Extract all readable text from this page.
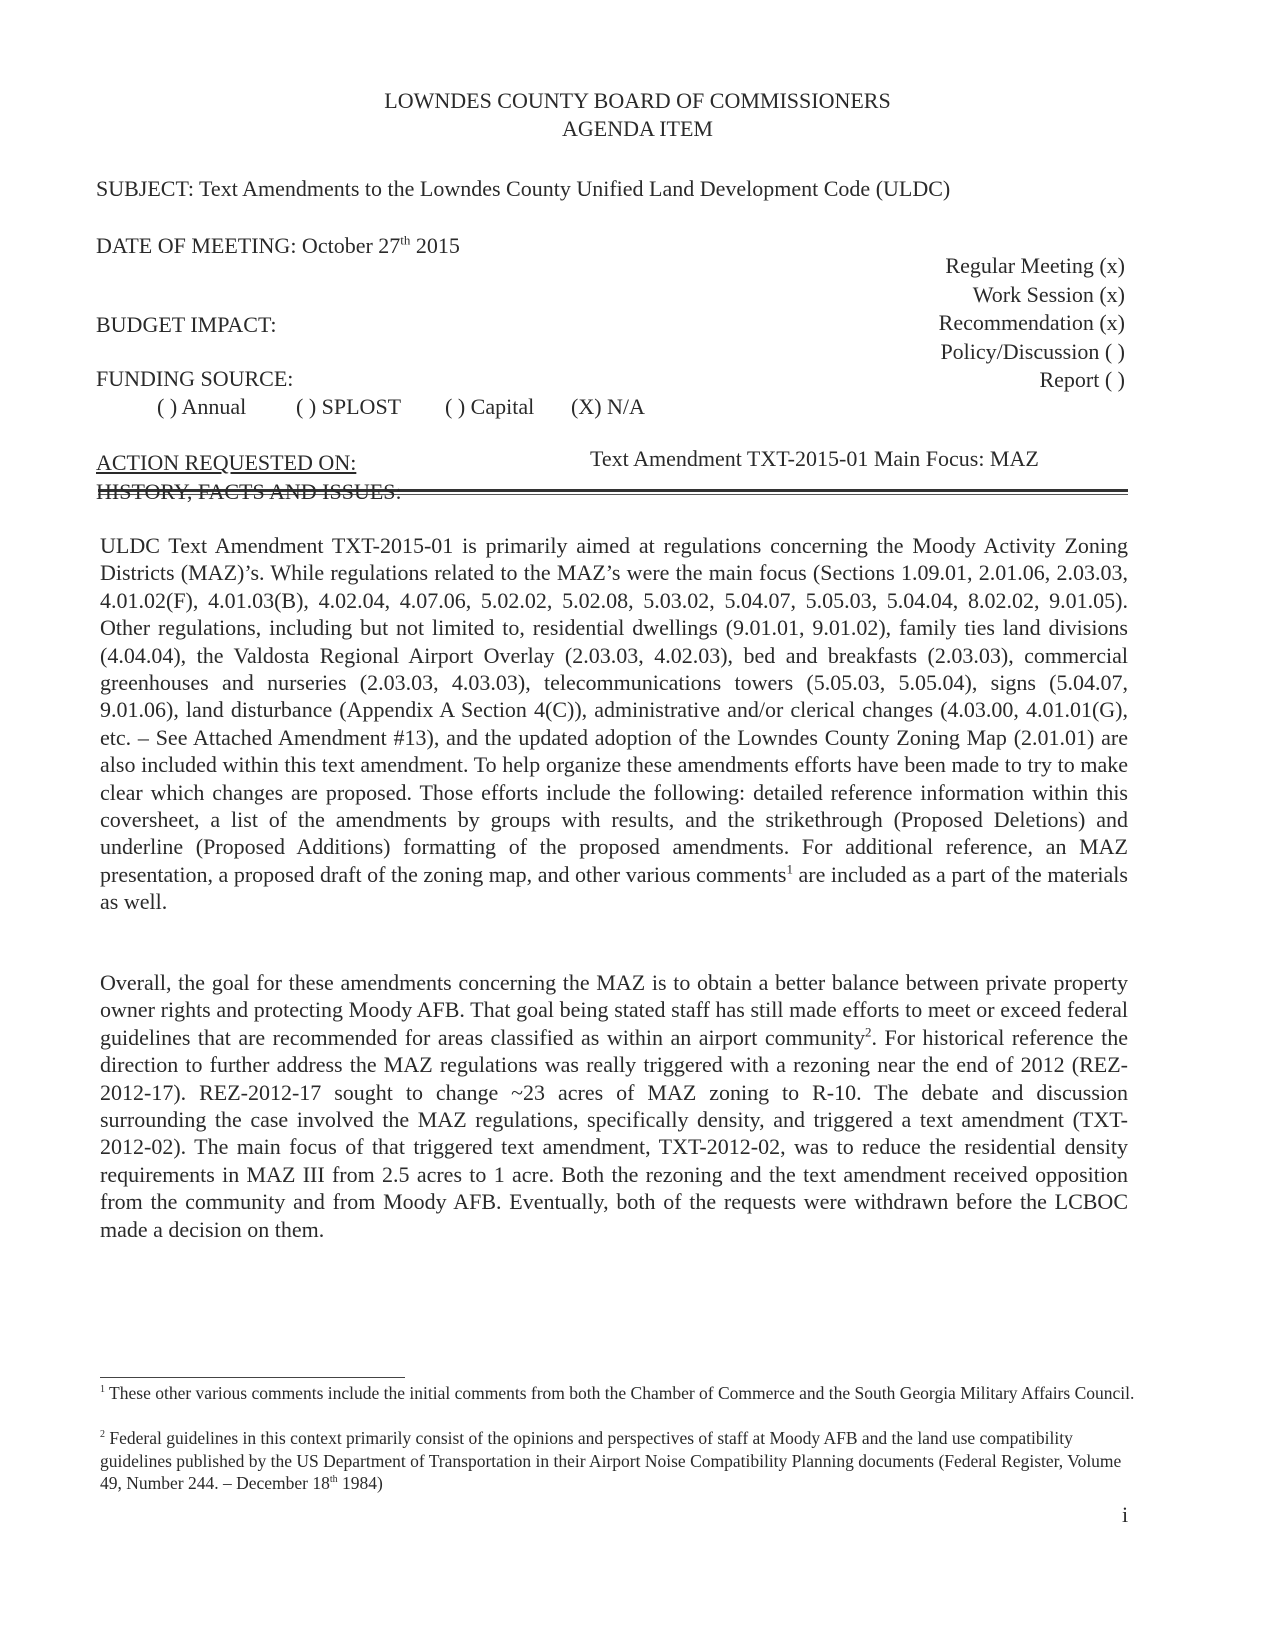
LOWNDES COUNTY BOARD OF COMMISSIONERS
AGENDA ITEM
SUBJECT: Text Amendments to the Lowndes County Unified Land Development Code (ULDC)
DATE OF MEETING: October 27th 2015
Regular Meeting (x)
Work Session (x)
Recommendation (x)
Policy/Discussion ( )
Report ( )
BUDGET IMPACT:
FUNDING SOURCE:
( ) Annual ( ) SPLOST ( ) Capital (X) N/A
ACTION REQUESTED ON:	Text Amendment TXT-2015-01 Main Focus: MAZ
HISTORY, FACTS AND ISSUES:
ULDC Text Amendment TXT-2015-01 is primarily aimed at regulations concerning the Moody Activity Zoning Districts (MAZ)’s. While regulations related to the MAZ’s were the main focus (Sections 1.09.01, 2.01.06, 2.03.03, 4.01.02(F), 4.01.03(B), 4.02.04, 4.07.06, 5.02.02, 5.02.08, 5.03.02, 5.04.07, 5.05.03, 5.04.04, 8.02.02, 9.01.05). Other regulations, including but not limited to, residential dwellings (9.01.01, 9.01.02), family ties land divisions (4.04.04), the Valdosta Regional Airport Overlay (2.03.03, 4.02.03), bed and breakfasts (2.03.03), commercial greenhouses and nurseries (2.03.03, 4.03.03), telecommunications towers (5.05.03, 5.05.04), signs (5.04.07, 9.01.06), land disturbance (Appendix A Section 4(C)), administrative and/or clerical changes (4.03.00, 4.01.01(G), etc. – See Attached Amendment #13), and the updated adoption of the Lowndes County Zoning Map (2.01.01) are also included within this text amendment. To help organize these amendments efforts have been made to try to make clear which changes are proposed. Those efforts include the following: detailed reference information within this coversheet, a list of the amendments by groups with results, and the strikethrough (Proposed Deletions) and underline (Proposed Additions) formatting of the proposed amendments. For additional reference, an MAZ presentation, a proposed draft of the zoning map, and other various comments$^1$ are included as a part of the materials as well.
Overall, the goal for these amendments concerning the MAZ is to obtain a better balance between private property owner rights and protecting Moody AFB. That goal being stated staff has still made efforts to meet or exceed federal guidelines that are recommended for areas classified as within an airport community$^2$. For historical reference the direction to further address the MAZ regulations was really triggered with a rezoning near the end of 2012 (REZ-2012-17). REZ-2012-17 sought to change ~23 acres of MAZ zoning to R-10. The debate and discussion surrounding the case involved the MAZ regulations, specifically density, and triggered a text amendment (TXT-2012-02). The main focus of that triggered text amendment, TXT-2012-02, was to reduce the residential density requirements in MAZ III from 2.5 acres to 1 acre. Both the rezoning and the text amendment received opposition from the community and from Moody AFB. Eventually, both of the requests were withdrawn before the LCBOC made a decision on them.
$^1$ These other various comments include the initial comments from both the Chamber of Commerce and the South Georgia Military Affairs Council.
$^2$ Federal guidelines in this context primarily consist of the opinions and perspectives of staff at Moody AFB and the land use compatibility guidelines published by the US Department of Transportation in their Airport Noise Compatibility Planning documents (Federal Register, Volume 49, Number 244. – December 18th 1984)
i
